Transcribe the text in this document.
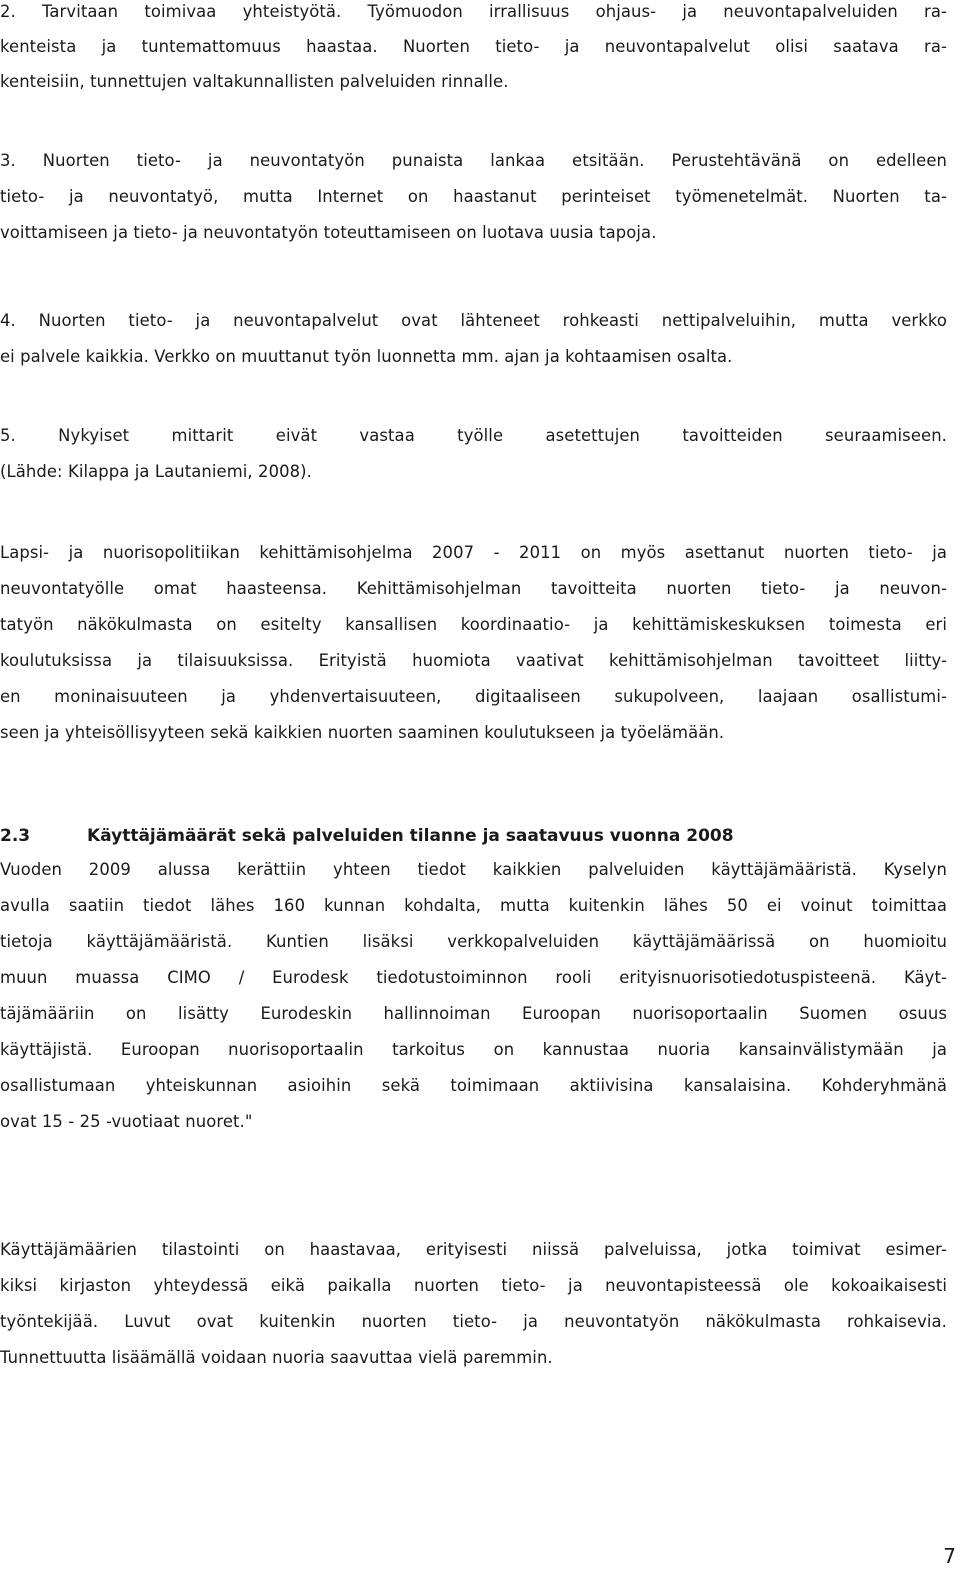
2. Tarvitaan toimivaa yhteistyötä. Työmuodon irrallisuus ohjaus- ja neuvontapalveluiden ra-
kenteista ja tuntemattomuus haastaa. Nuorten tieto- ja neuvontapalvelut olisi saatava ra-
kenteisiin, tunnettujen valtakunnallisten palveluiden rinnalle.
3. Nuorten tieto- ja neuvontatyön punaista lankaa etsitään. Perustehtävänä on edelleen
tieto- ja neuvontatyö, mutta Internet on haastanut perinteiset työmenetelmät. Nuorten ta-
voittamiseen ja tieto- ja neuvontatyön toteuttamiseen on luotava uusia tapoja.
4. Nuorten tieto- ja neuvontapalvelut ovat lähteneet rohkeasti nettipalveluihin, mutta verkko
ei palvele kaikkia. Verkko on muuttanut työn luonnetta mm. ajan ja kohtaamisen osalta.
5. Nykyiset mittarit eivät vastaa työlle asetettujen tavoitteiden seuraamiseen.
(Lähde: Kilappa ja Lautaniemi, 2008).
Lapsi- ja nuorisopolitiikan kehittämisohjelma 2007 - 2011 on myös asettanut nuorten tieto- ja
neuvontatyölle omat haasteensa. Kehittämisohjelman tavoitteita nuorten tieto- ja neuvon-
tatyön näkökulmasta on esitelty kansallisen koordinaatio- ja kehittämiskeskuksen toimesta eri
koulutuksissa ja tilaisuuksissa. Erityistä huomiota vaativat kehittämisohjelman tavoitteet liitty-
en moninaisuuteen ja yhdenvertaisuuteen, digitaaliseen sukupolveen, laajaan osallistumi-
seen ja yhteisöllisyyteen sekä kaikkien nuorten saaminen koulutukseen ja työelämään.
2.3	Käyttäjämäärät sekä palveluiden tilanne ja saatavuus vuonna 2008
Vuoden 2009 alussa kerättiin yhteen tiedot kaikkien palveluiden käyttäjämääristä. Kyselyn
avulla saatiin tiedot lähes 160 kunnan kohdalta, mutta kuitenkin lähes 50 ei voinut toimittaa
tietoja käyttäjämääristä. Kuntien lisäksi verkkopalveluiden käyttäjämäärissä on huomioitu
muun muassa CIMO / Eurodesk tiedotustoiminnon rooli erityisnuorisotiedotuspisteenä. Käyt-
täjämääriin on lisätty Eurodeskin hallinnoiman Euroopan nuorisoportaalin Suomen osuus
käyttäjistä. Euroopan nuorisoportaalin tarkoitus on kannustaa nuoria kansainvälistymään ja
osallistumaan yhteiskunnan asioihin sekä toimimaan aktiivisina kansalaisina. Kohderyhmänä
ovat 15 - 25 -vuotiaat nuoret."
Käyttäjämäärien tilastointi on haastavaa, erityisesti niissä palveluissa, jotka toimivat esimer-
kiksi kirjaston yhteydessä eikä paikalla nuorten tieto- ja neuvontapisteessä ole kokoaikaisesti
työntekijää. Luvut ovat kuitenkin nuorten tieto- ja neuvontatyön näkökulmasta rohkaisevia.
Tunnettuutta lisäämällä voidaan nuoria saavuttaa vielä paremmin.
7
